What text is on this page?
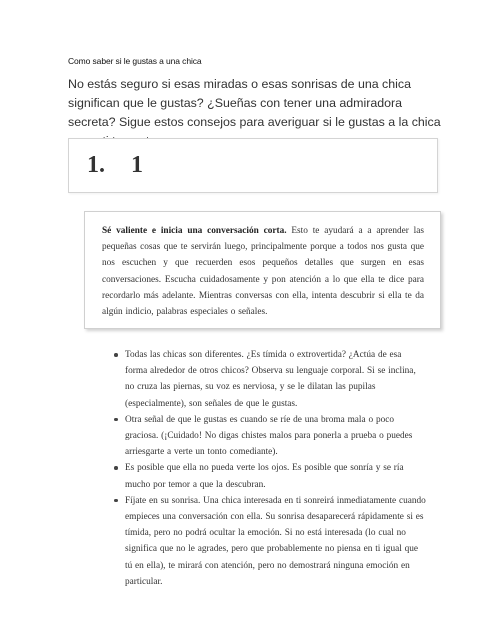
Como saber si le gustas a una chica

No estás seguro si esas miradas o esas sonrisas de una chica significan que le gustas? ¿Sueñas con tener una admiradora secreta? Sigue estos consejos para averiguar si le gustas a la chica

1. 1
Sé valiente e inicia una conversación corta. Esto te ayudará a a aprender las pequeñas cosas que te servirán luego, principalmente porque a todos nos gusta que nos escuchen y que recuerden esos pequeños detalles que surgen en esas conversaciones. Escucha cuidadosamente y pon atención a lo que ella te dice para recordarlo más adelante. Mientras conversas con ella, intenta descubrir si ella te da algún indicio, palabras especiales o señales.
Todas las chicas son diferentes. ¿Es tímida o extrovertida? ¿Actúa de esa forma alrededor de otros chicos? Observa su lenguaje corporal. Si se inclina, no cruza las piernas, su voz es nerviosa, y se le dilatan las pupilas (especialmente), son señales de que le gustas.
Otra señal de que le gustas es cuando se ríe de una broma mala o poco graciosa. (¡Cuidado! No digas chistes malos para ponerla a prueba o puedes arriesgarte a verte un tonto comediante).
Es posible que ella no pueda verte los ojos. Es posible que sonría y se ría mucho por temor a que la descubran.
Fíjate en su sonrisa. Una chica interesada en ti sonreirá inmediatamente cuando empieces una conversación con ella. Su sonrisa desaparecerá rápidamente si es tímida, pero no podrá ocultar la emoción. Si no está interesada (lo cual no significa que no le agrades, pero que probablemente no piensa en ti igual que tú en ella), te mirará con atención, pero no demostrará ninguna emoción en particular.
